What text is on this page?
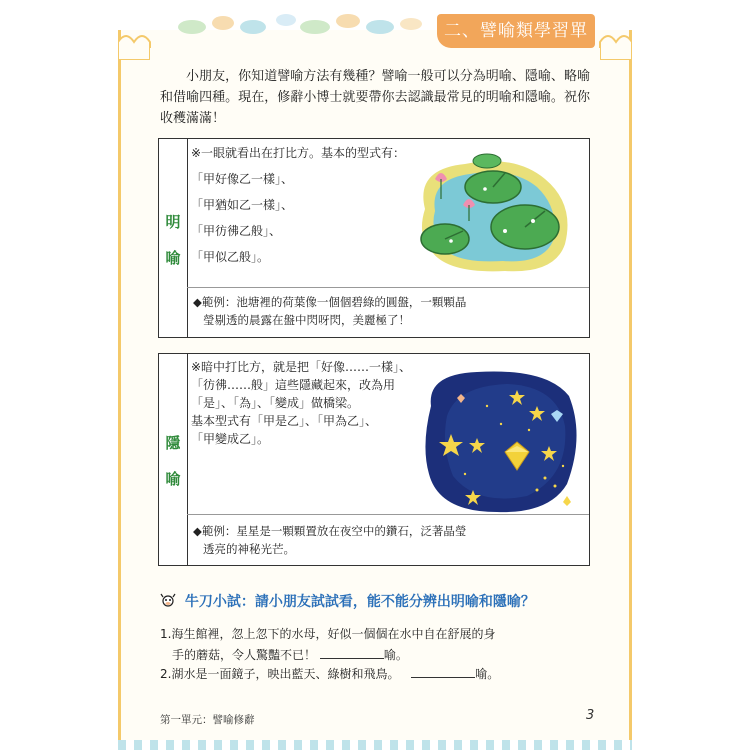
二、譬喻類學習單
小朋友，你知道譬喻方法有幾種？譬喻一般可以分為明喻、隱喻、略喻和借喻四種。現在，修辭小博士就要帶你去認識最常見的明喻和隱喻。祝你收穫滿滿！
明
喻
※一眼就看出在打比方。基本的型式有：
「甲好像乙一樣」、
「甲猶如乙一樣」、
「甲彷彿乙般」、
「甲似乙般」。
◆範例：池塘裡的荷葉像一個個碧綠的圓盤，一顆顆晶
瑩剔透的晨露在盤中閃呀閃，美麗極了！
隱
喻
※暗中打比方，就是把「好像……一樣」、
「彷彿……般」這些隱藏起來，改為用
「是」、「為」、「變成」做橋梁。
基本型式有「甲是乙」、「甲為乙」、
「甲變成乙」。
◆範例：星星是一顆顆置放在夜空中的鑽石，泛著晶瑩
透亮的神秘光芒。
牛刀小試：請小朋友試試看，能不能分辨出明喻和隱喻？
1.海生館裡，忽上忽下的水母，好似一個個在水中自在舒展的身
手的蘑菇，令人驚豔不已！	喻。
2.湖水是一面鏡子，映出藍天、綠樹和飛鳥。	喻。
第一單元：譬喻修辭	3
